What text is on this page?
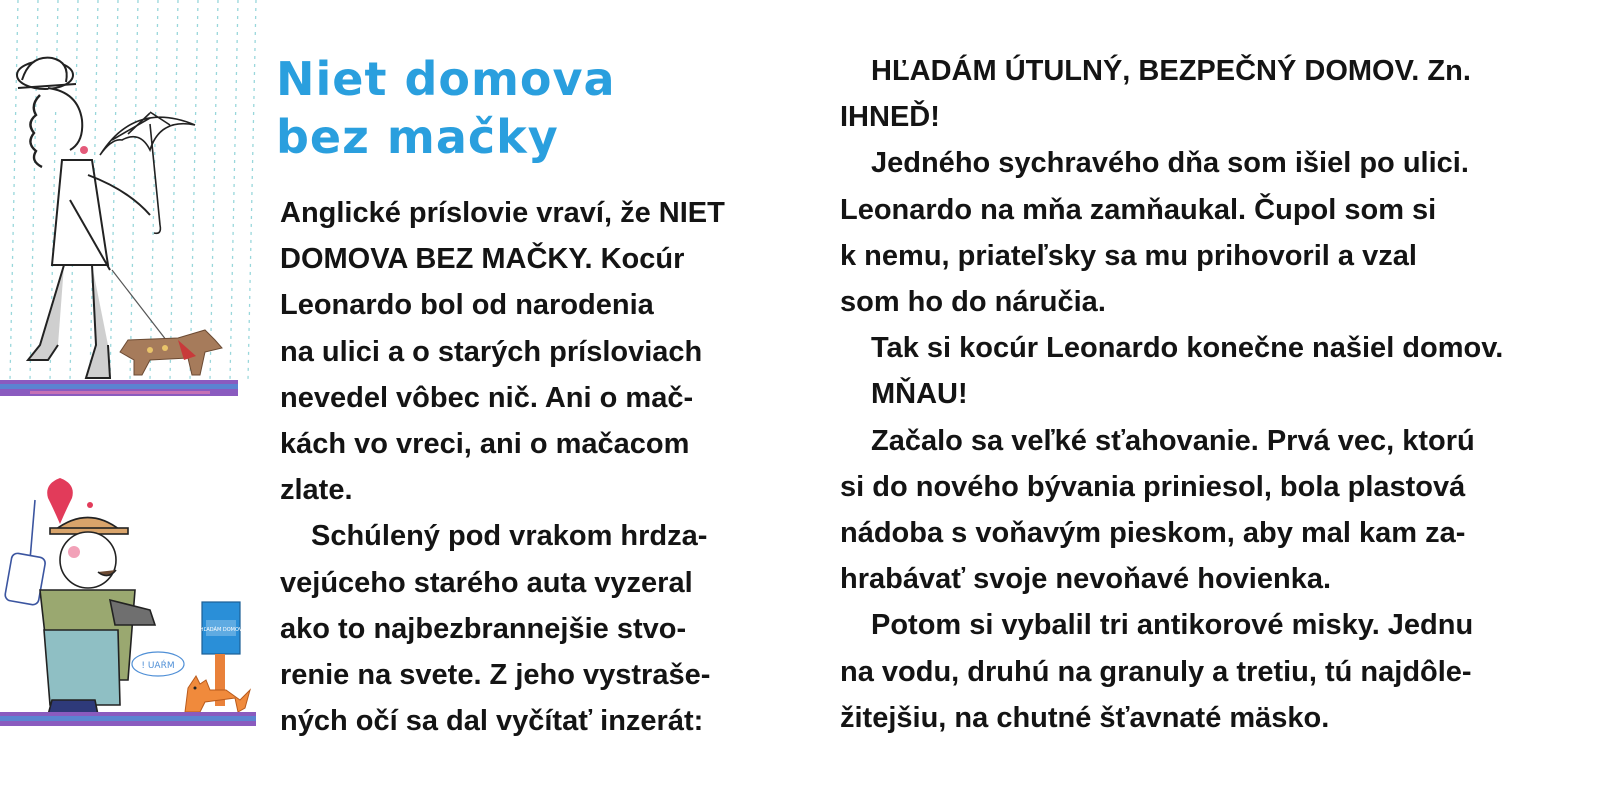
! UAŔM
HĽADÁM DOMOV
Niet domova
bez mačky
Anglické príslovie vraví, že NIET
DOMOVA BEZ MAČKY. Kocúr
Leonardo bol od narodenia
na ulici a o starých prísloviach
nevedel vôbec nič. Ani o mač-
kách vo vreci, ani o mačacom
zlate.
Schúlený pod vrakom hrdza-
vejúceho starého auta vyzeral
ako to najbezbrannejšie stvo-
renie na svete. Z jeho vystraše-
ných očí sa dal vyčítať inzerát:
HĽADÁM ÚTULNÝ, BEZPEČNÝ DOMOV. Zn.
IHNEĎ!
Jedného sychravého dňa som išiel po ulici.
Leonardo na mňa zamňaukal. Čupol som si
k nemu, priateľsky sa mu prihovoril a vzal
som ho do náručia.
Tak si kocúr Leonardo konečne našiel domov.
MŇAU!
Začalo sa veľké sťahovanie. Prvá vec, ktorú
si do nového bývania priniesol, bola plastová
nádoba s voňavým pieskom, aby mal kam za-
hrabávať svoje nevoňavé hovienka.
Potom si vybalil tri antikorové misky. Jednu
na vodu, druhú na granuly a tretiu, tú najdôle-
žitejšiu, na chutné šťavnaté mäsko.
